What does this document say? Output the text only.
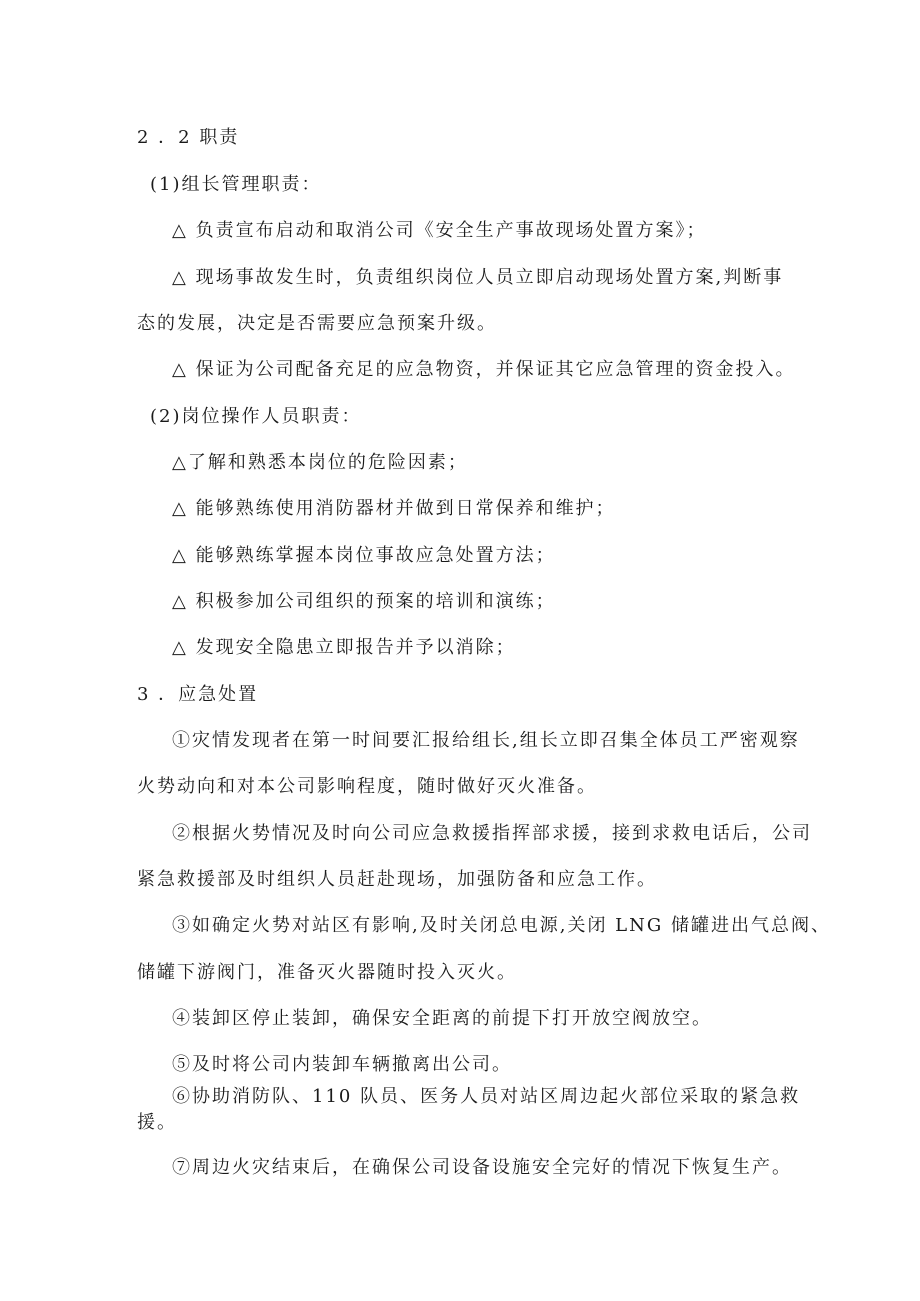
2 ．2 职责
(1)组长管理职责：
△ 负责宣布启动和取消公司《安全生产事故现场处置方案》；
△ 现场事故发生时，负责组织岗位人员立即启动现场处置方案,判断事
态的发展，决定是否需要应急预案升级。
△ 保证为公司配备充足的应急物资，并保证其它应急管理的资金投入。
(2)岗位操作人员职责：
△了解和熟悉本岗位的危险因素；
△ 能够熟练使用消防器材并做到日常保养和维护；
△ 能够熟练掌握本岗位事故应急处置方法；
△ 积极参加公司组织的预案的培训和演练；
△ 发现安全隐患立即报告并予以消除；
3 ．应急处置
①灾情发现者在第一时间要汇报给组长,组长立即召集全体员工严密观察
火势动向和对本公司影响程度，随时做好灭火准备。
②根据火势情况及时向公司应急救援指挥部求援，接到求救电话后，公司
紧急救援部及时组织人员赶赴现场，加强防备和应急工作。
③如确定火势对站区有影响,及时关闭总电源,关闭 LNG 储罐进出气总阀、
储罐下游阀门，准备灭火器随时投入灭火。
④装卸区停止装卸，确保安全距离的前提下打开放空阀放空。
⑤及时将公司内装卸车辆撤离出公司。
⑥协助消防队、110 队员、医务人员对站区周边起火部位采取的紧急救
援。
⑦周边火灾结束后，在确保公司设备设施安全完好的情况下恢复生产。
